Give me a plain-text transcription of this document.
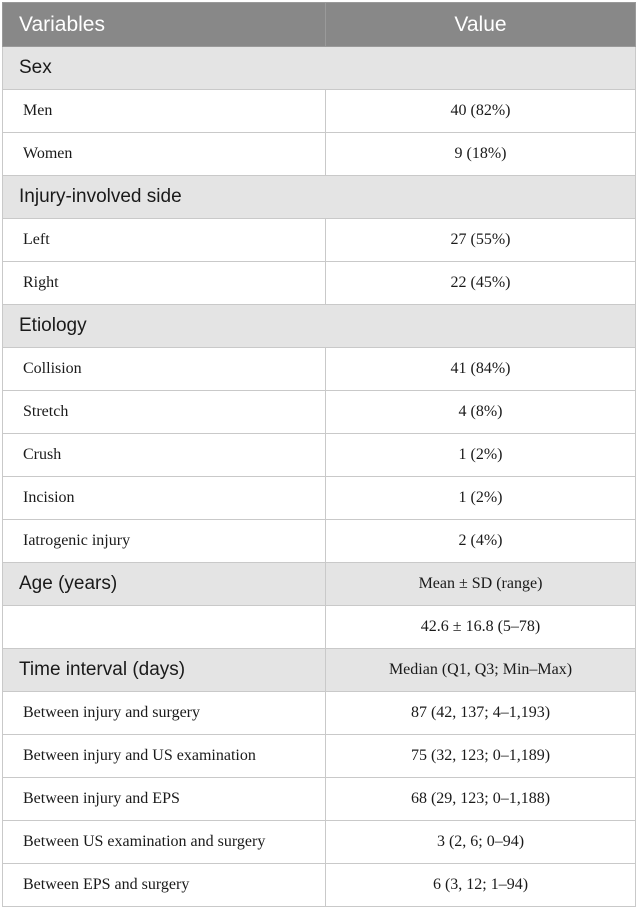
Variables	Value
Sex	
Men	40 (82%)
Women	9 (18%)
Injury-involved side	
Left	27 (55%)
Right	22 (45%)
Etiology	
Collision	41 (84%)
Stretch	4 (8%)
Crush	1 (2%)
Incision	1 (2%)
Iatrogenic injury	2 (4%)
Age (years)	Mean ± SD (range)
	42.6 ± 16.8 (5–78)
Time interval (days)	Median (Q1, Q3; Min–Max)
Between injury and surgery	87 (42, 137; 4–1,193)
Between injury and US examination	75 (32, 123; 0–1,189)
Between injury and EPS	68 (29, 123; 0–1,188)
Between US examination and surgery	3 (2, 6; 0–94)
Between EPS and surgery	6 (3, 12; 1–94)
